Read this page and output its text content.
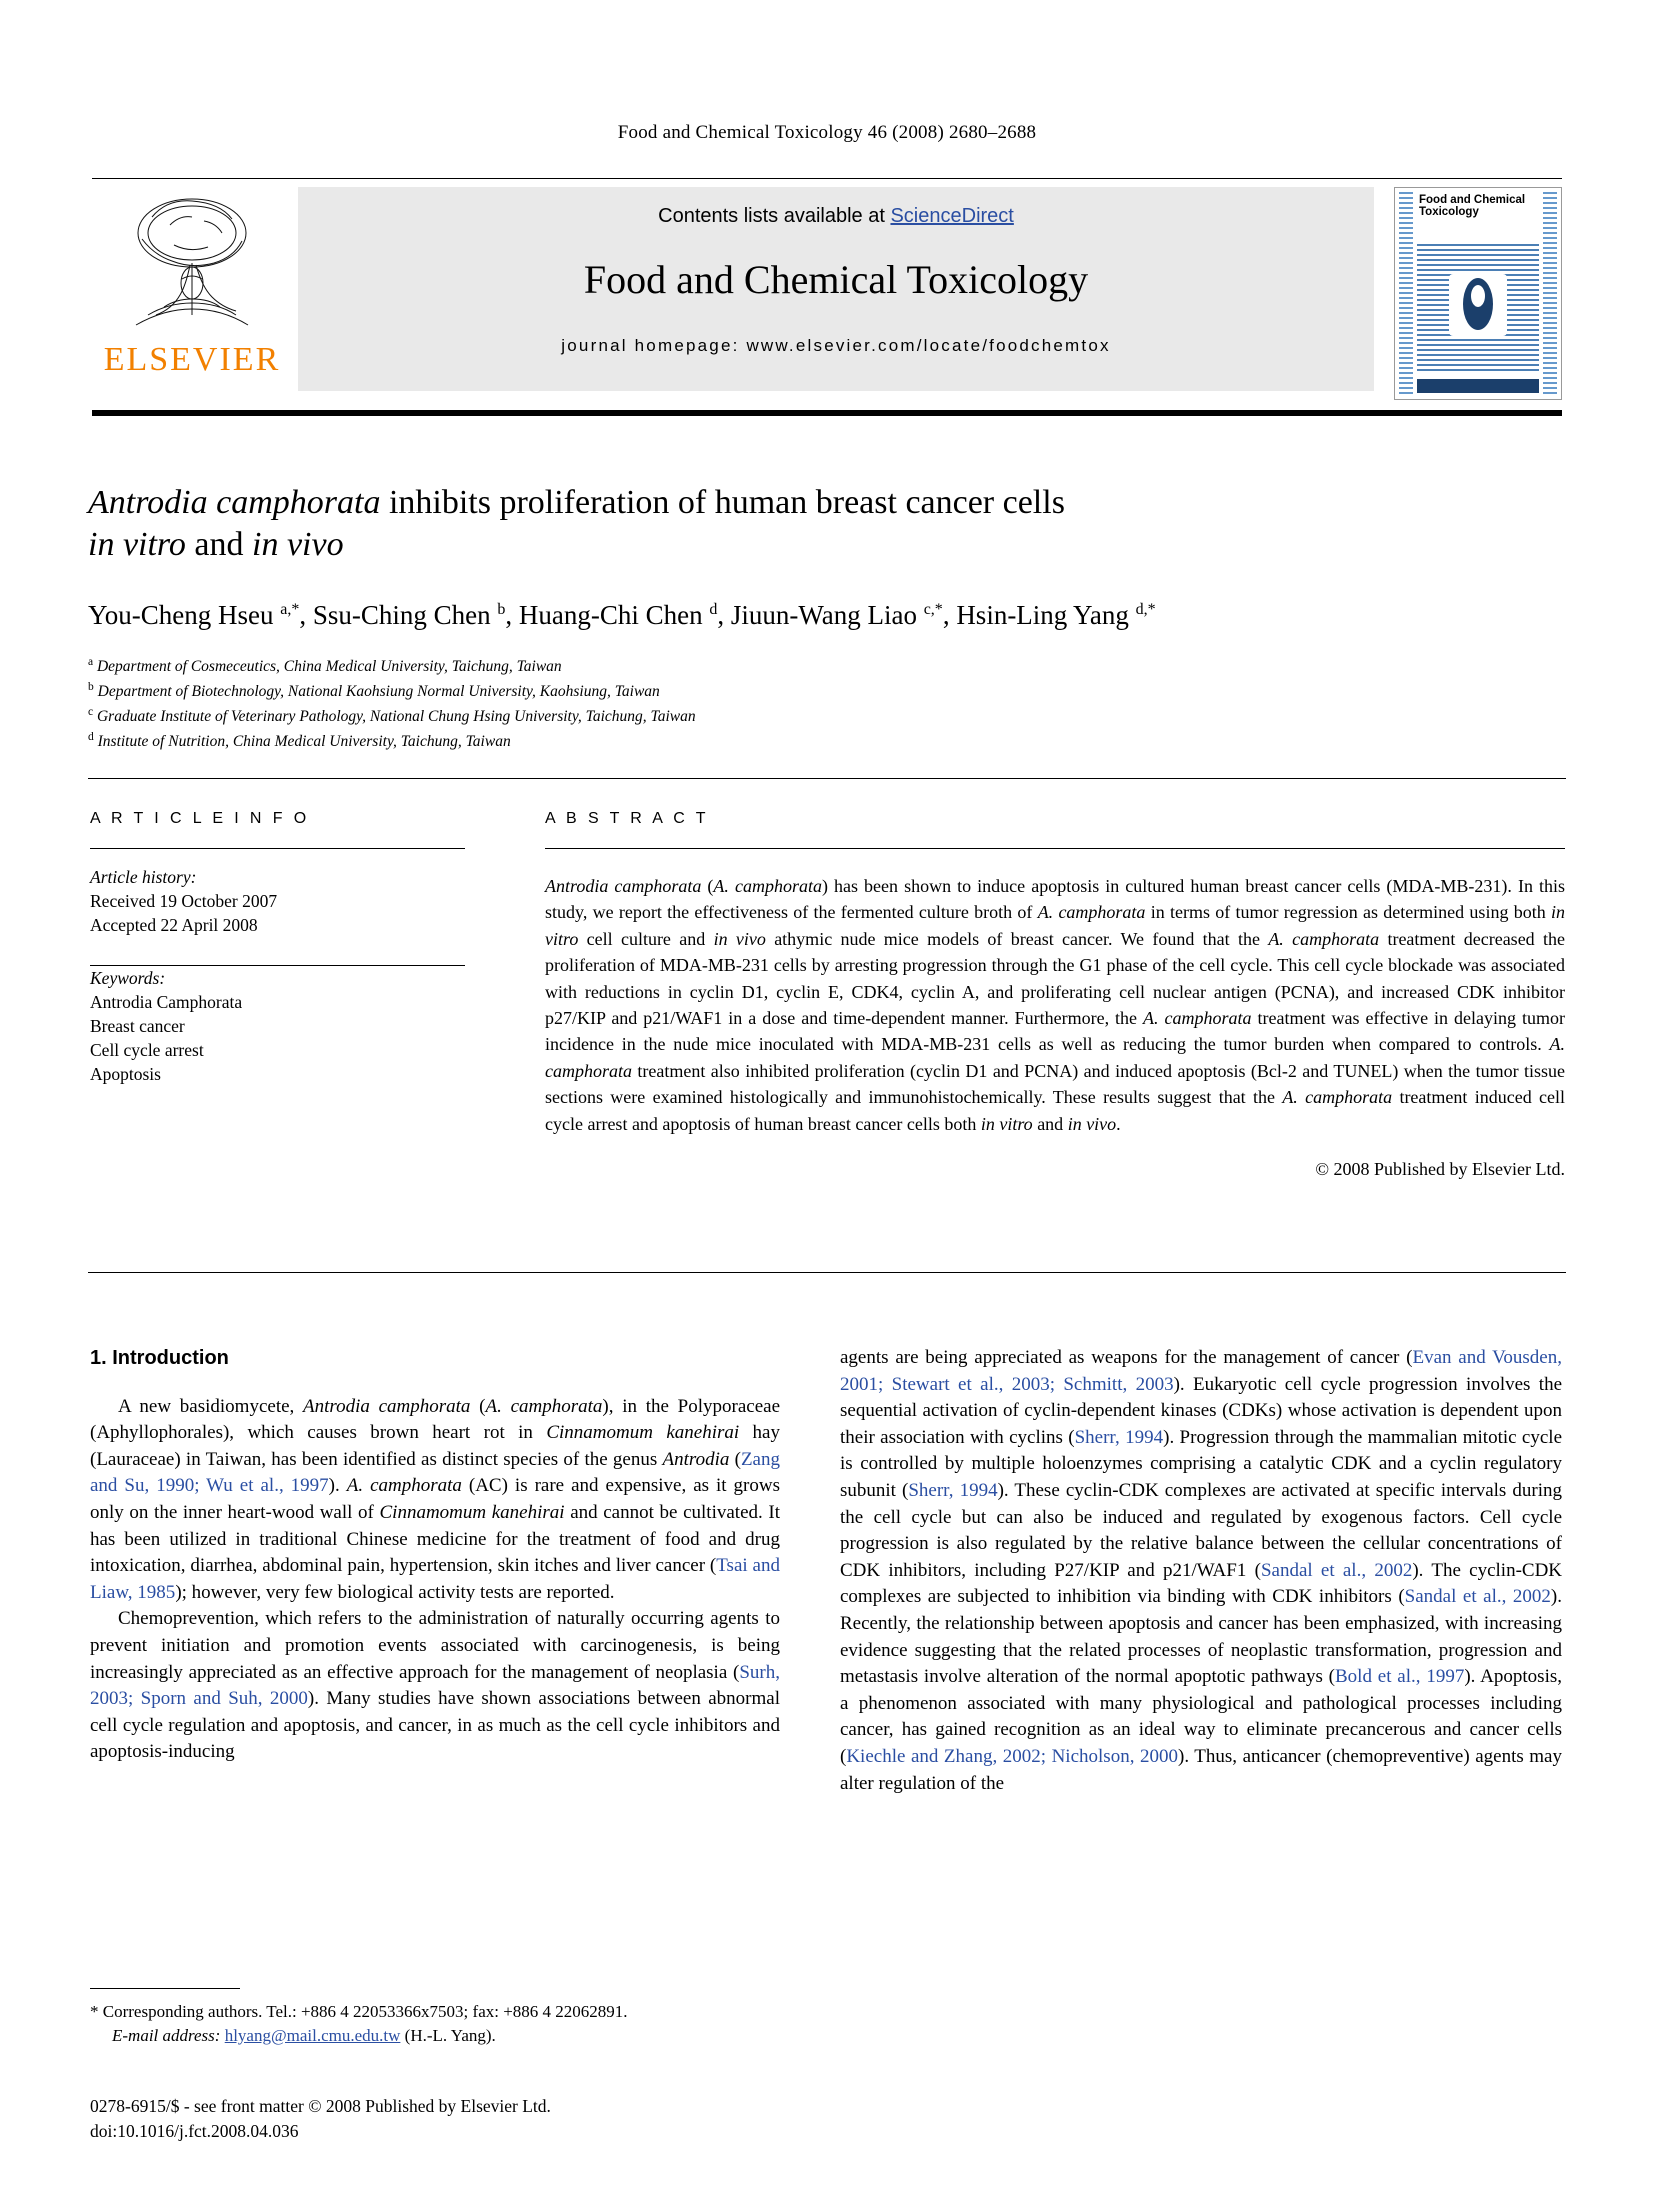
Food and Chemical Toxicology 46 (2008) 2680–2688
ELSEVIER
Contents lists available at ScienceDirect
Food and Chemical Toxicology
journal homepage: www.elsevier.com/locate/foodchemtox
Food and Chemical Toxicology
Antrodia camphorata inhibits proliferation of human breast cancer cells
in vitro and in vivo
You-Cheng Hseu $^{a,*}$, Ssu-Ching Chen $^b$, Huang-Chi Chen $^d$, Jiuun-Wang Liao $^{c,*}$, Hsin-Ling Yang $^{d,*}$
$^a$ Department of Cosmeceutics, China Medical University, Taichung, Taiwan
$^b$ Department of Biotechnology, National Kaohsiung Normal University, Kaohsiung, Taiwan
$^c$ Graduate Institute of Veterinary Pathology, National Chung Hsing University, Taichung, Taiwan
$^d$ Institute of Nutrition, China Medical University, Taichung, Taiwan
A R T I C L E I N F O
Article history:
Received 19 October 2007
Accepted 22 April 2008
Keywords:
Antrodia Camphorata
Breast cancer
Cell cycle arrest
Apoptosis
A B S T R A C T
Antrodia camphorata (A. camphorata) has been shown to induce apoptosis in cultured human breast cancer cells (MDA-MB-231). In this study, we report the effectiveness of the fermented culture broth of A. camphorata in terms of tumor regression as determined using both in vitro cell culture and in vivo athymic nude mice models of breast cancer. We found that the A. camphorata treatment decreased the proliferation of MDA-MB-231 cells by arresting progression through the G1 phase of the cell cycle. This cell cycle blockade was associated with reductions in cyclin D1, cyclin E, CDK4, cyclin A, and proliferating cell nuclear antigen (PCNA), and increased CDK inhibitor p27/KIP and p21/WAF1 in a dose and time-dependent manner. Furthermore, the A. camphorata treatment was effective in delaying tumor incidence in the nude mice inoculated with MDA-MB-231 cells as well as reducing the tumor burden when compared to controls. A. camphorata treatment also inhibited proliferation (cyclin D1 and PCNA) and induced apoptosis (Bcl-2 and TUNEL) when the tumor tissue sections were examined histologically and immunohistochemically. These results suggest that the A. camphorata treatment induced cell cycle arrest and apoptosis of human breast cancer cells both in vitro and in vivo.
© 2008 Published by Elsevier Ltd.
1. Introduction

A new basidiomycete, Antrodia camphorata (A. camphorata), in the Polyporaceae (Aphyllophorales), which causes brown heart rot in Cinnamomum kanehirai hay (Lauraceae) in Taiwan, has been identified as distinct species of the genus Antrodia (Zang and Su, 1990; Wu et al., 1997). A. camphorata (AC) is rare and expensive, as it grows only on the inner heart-wood wall of Cinnamomum kanehirai and cannot be cultivated. It has been utilized in traditional Chinese medicine for the treatment of food and drug intoxication, diarrhea, abdominal pain, hypertension, skin itches and liver cancer (Tsai and Liaw, 1985); however, very few biological activity tests are reported.

Chemoprevention, which refers to the administration of naturally occurring agents to prevent initiation and promotion events associated with carcinogenesis, is being increasingly appreciated as an effective approach for the management of neoplasia (Surh, 2003; Sporn and Suh, 2000). Many studies have shown associations between abnormal cell cycle regulation and apoptosis, and cancer, in as much as the cell cycle inhibitors and apoptosis-inducing

agents are being appreciated as weapons for the management of cancer (Evan and Vousden, 2001; Stewart et al., 2003; Schmitt, 2003). Eukaryotic cell cycle progression involves the sequential activation of cyclin-dependent kinases (CDKs) whose activation is dependent upon their association with cyclins (Sherr, 1994). Progression through the mammalian mitotic cycle is controlled by multiple holoenzymes comprising a catalytic CDK and a cyclin regulatory subunit (Sherr, 1994). These cyclin-CDK complexes are activated at specific intervals during the cell cycle but can also be induced and regulated by exogenous factors. Cell cycle progression is also regulated by the relative balance between the cellular concentrations of CDK inhibitors, including P27/KIP and p21/WAF1 (Sandal et al., 2002). The cyclin-CDK complexes are subjected to inhibition via binding with CDK inhibitors (Sandal et al., 2002). Recently, the relationship between apoptosis and cancer has been emphasized, with increasing evidence suggesting that the related processes of neoplastic transformation, progression and metastasis involve alteration of the normal apoptotic pathways (Bold et al., 1997). Apoptosis, a phenomenon associated with many physiological and pathological processes including cancer, has gained recognition as an ideal way to eliminate precancerous and cancer cells (Kiechle and Zhang, 2002; Nicholson, 2000). Thus, anticancer (chemopreventive) agents may alter regulation of the

* Corresponding authors. Tel.: +886 4 22053366x7503; fax: +886 4 22062891.
E-mail address: hlyang@mail.cmu.edu.tw (H.-L. Yang).
0278-6915/$ - see front matter © 2008 Published by Elsevier Ltd.
doi:10.1016/j.fct.2008.04.036
